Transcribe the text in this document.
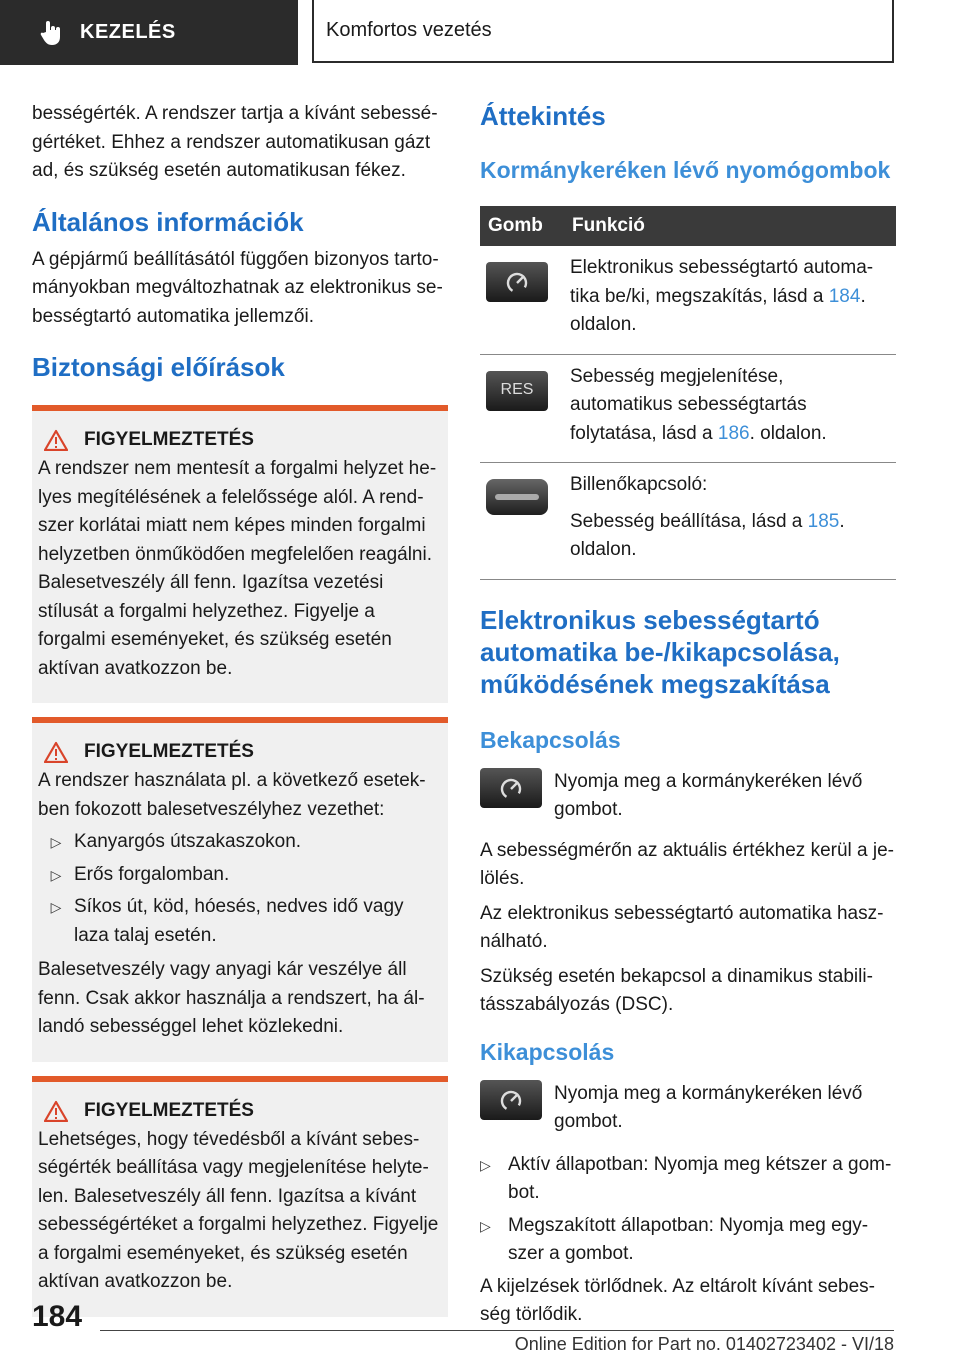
KEZELÉS	Komfortos vezetés

bességérték. A rendszer tartja a kívánt sebességértéket. Ehhez a rendszer automatikusan gázt ad, és szükség esetén automatikusan fékez.

Általános információk

A gépjármű beállításától függően bizonyos tartományokban megváltozhatnak az elektronikus sebességtartó automatika jellemzői.

Biztonsági előírások
FIGYELMEZTETÉS

A rendszer nem mentesít a forgalmi helyzet helyes megítélésének a felelőssége alól. A rendszer korlátai miatt nem képes minden forgalmi helyzetben önműködően megfelelően reagálni. Balesetveszély áll fenn. Igazítsa vezetési stílusát a forgalmi helyzethez. Figyelje a forgalmi eseményeket, és szükség esetén aktívan avatkozzon be.

FIGYELMEZTETÉS

A rendszer használata pl. a következő esetekben fokozott balesetveszélyhez vezethet:

▷ Kanyargós útszakaszokon.
▷ Erős forgalomban.
▷ Síkos út, köd, hóesés, nedves idő vagy laza talaj esetén.

Balesetveszély vagy anyagi kár veszélye áll fenn. Csak akkor használja a rendszert, ha állandó sebességgel lehet közlekedni.

FIGYELMEZTETÉS

Lehetséges, hogy tévedésből a kívánt sebességérték beállítása vagy megjelenítése helytelen. Balesetveszély áll fenn. Igazítsa a kívánt sebességértéket a forgalmi helyzethez. Figyelje a forgalmi eseményeket, és szükség esetén aktívan avatkozzon be.

Áttekintés
Kormánykeréken lévő nyomógombok
Gomb	Funkció

	Elektronikus sebességtartó automatika be/ki, megszakítás, lásd a 184. oldalon.

RES	Sebesség megjelenítése, automatikus sebességtartás folytatása, lásd a 186. oldalon.

	Billenőkapcsoló:
Sebesség beállítása, lásd a 185. oldalon.
Elektronikus sebességtartó automatika be-/kikapcsolása, működésének megszakítása
Bekapcsolás

Nyomja meg a kormánykeréken lévő gombot.

A sebességmérőn az aktuális értékhez kerül a jelölés.

Az elektronikus sebességtartó automatika használható.

Szükség esetén bekapcsol a dinamikus stabilitásszabályozás (DSC).

Kikapcsolás

Nyomja meg a kormánykeréken lévő gombot.

▷ Aktív állapotban: Nyomja meg kétszer a gombot.
▷ Megszakított állapotban: Nyomja meg egyszer a gombot.

A kijelzések törlődnek. Az eltárolt kívánt sebesség törlődik.

184
Online Edition for Part no. 01402723402 - VI/18
